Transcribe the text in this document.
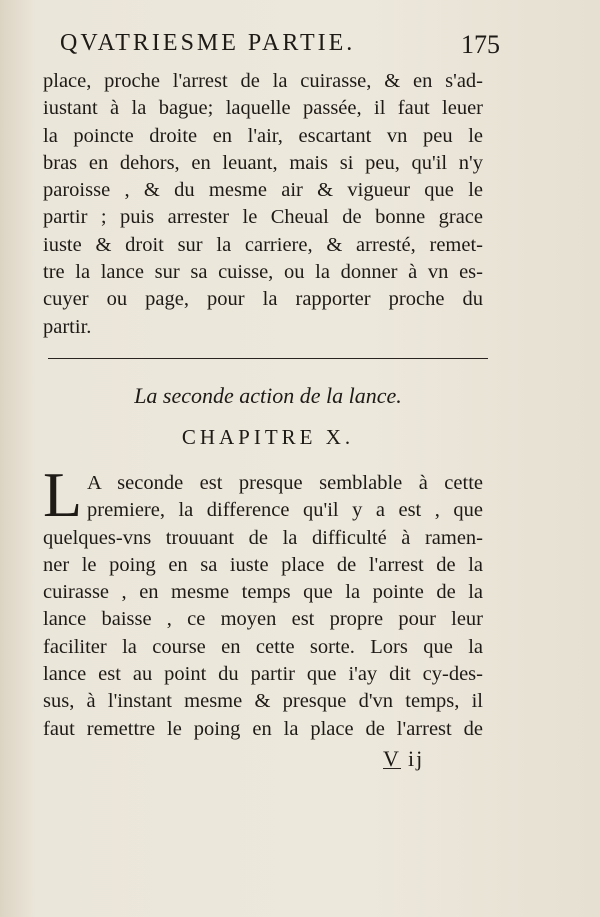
QVATRIESME PARTIE.	175
place, proche l'arrest de la cuirasse, & en s'ad-
iustant à la bague; laquelle passée, il faut leuer
la poincte droite en l'air, escartant vn peu le
bras en dehors, en leuant, mais si peu, qu'il n'y
paroisse , & du mesme air & vigueur que le
partir ; puis arrester le Cheual de bonne grace
iuste & droit sur la carriere, & arresté, remet-
tre la lance sur sa cuisse, ou la donner à vn es-
cuyer ou page, pour la rapporter proche du
partir.
La seconde action de la lance.
CHAPITRE X.
L A seconde est presque semblable à cette
premiere, la difference qu'il y a est , que
quelques-vns trouuant de la difficulté à ramen-
ner le poing en sa iuste place de l'arrest de la
cuirasse , en mesme temps que la pointe de la
lance baisse , ce moyen est propre pour leur
faciliter la course en cette sorte. Lors que la
lance est au point du partir que i'ay dit cy-des-
sus, à l'instant mesme & presque d'vn temps, il
faut remettre le poing en la place de l'arrest de
V ij
